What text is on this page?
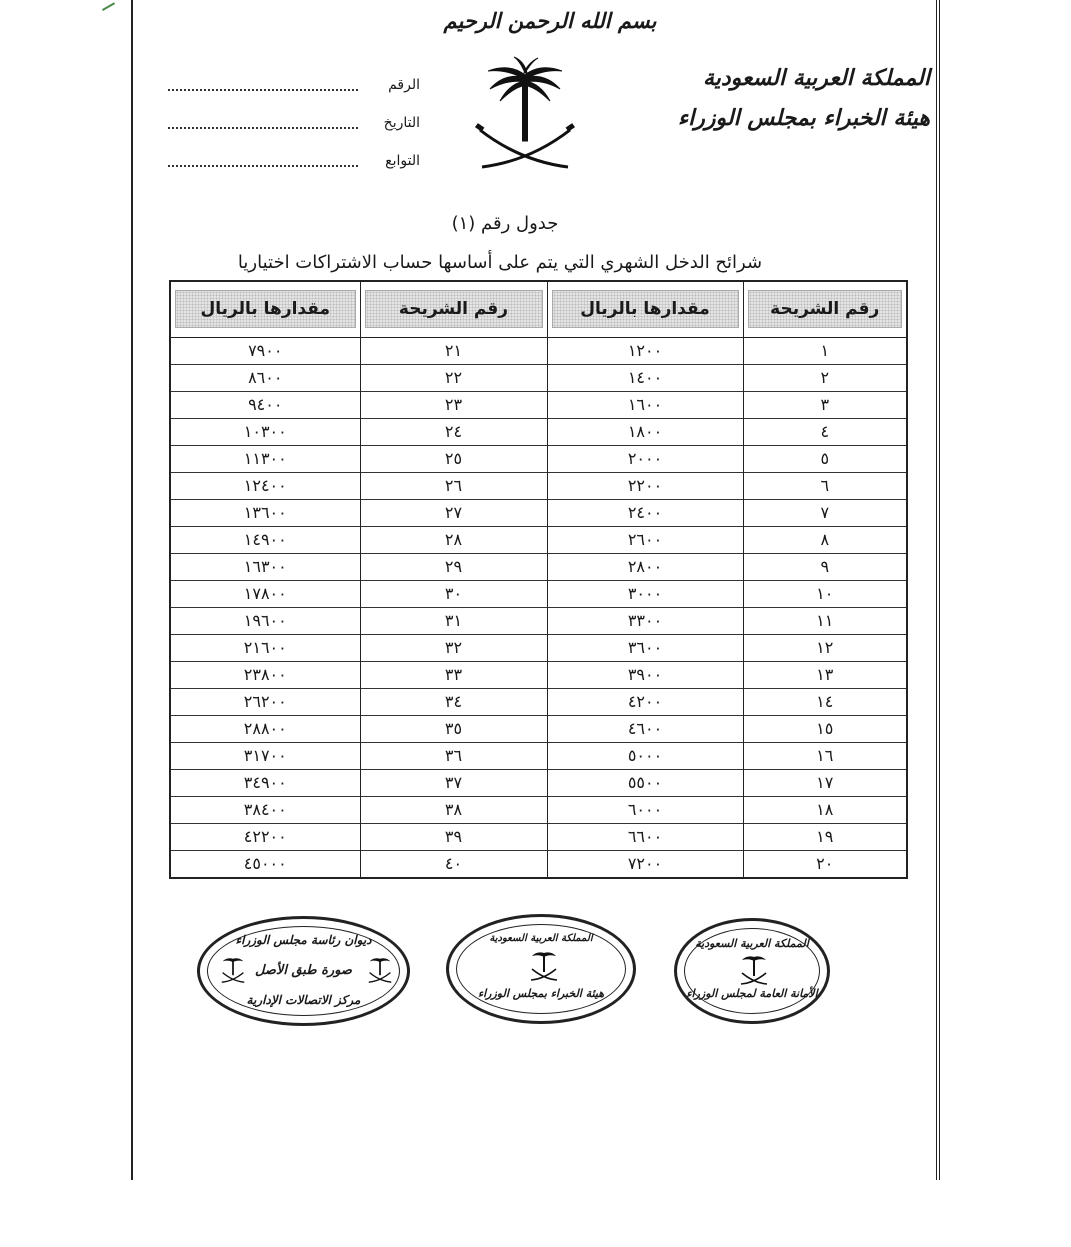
بسم الله الرحمن الرحيم
المملكة العربية السعودية
هيئة الخبراء بمجلس الوزراء
الرقم
التاريخ
التوابع
جدول رقم (١)
شرائح الدخل الشهري التي يتم على أساسها حساب الاشتراكات اختياريا
رقم الشريحة	مقدارها بالريال	رقم الشريحة	مقدارها بالريال

١	١٢٠٠	٢١	٧٩٠٠
٢	١٤٠٠	٢٢	٨٦٠٠
٣	١٦٠٠	٢٣	٩٤٠٠
٤	١٨٠٠	٢٤	١٠٣٠٠
٥	٢٠٠٠	٢٥	١١٣٠٠
٦	٢٢٠٠	٢٦	١٢٤٠٠
٧	٢٤٠٠	٢٧	١٣٦٠٠
٨	٢٦٠٠	٢٨	١٤٩٠٠
٩	٢٨٠٠	٢٩	١٦٣٠٠
١٠	٣٠٠٠	٣٠	١٧٨٠٠
١١	٣٣٠٠	٣١	١٩٦٠٠
١٢	٣٦٠٠	٣٢	٢١٦٠٠
١٣	٣٩٠٠	٣٣	٢٣٨٠٠
١٤	٤٢٠٠	٣٤	٢٦٢٠٠
١٥	٤٦٠٠	٣٥	٢٨٨٠٠
١٦	٥٠٠٠	٣٦	٣١٧٠٠
١٧	٥٥٠٠	٣٧	٣٤٩٠٠
١٨	٦٠٠٠	٣٨	٣٨٤٠٠
١٩	٦٦٠٠	٣٩	٤٢٢٠٠
٢٠	٧٢٠٠	٤٠	٤٥٠٠٠
المملكة العربية السعودية
الأمانة العامة لمجلس الوزراء
المملكة العربية السعودية
هيئة الخبراء بمجلس الوزراء
ديوان رئاسة مجلس الوزراء
صورة طبق الأصل
مركز الاتصالات الإدارية
